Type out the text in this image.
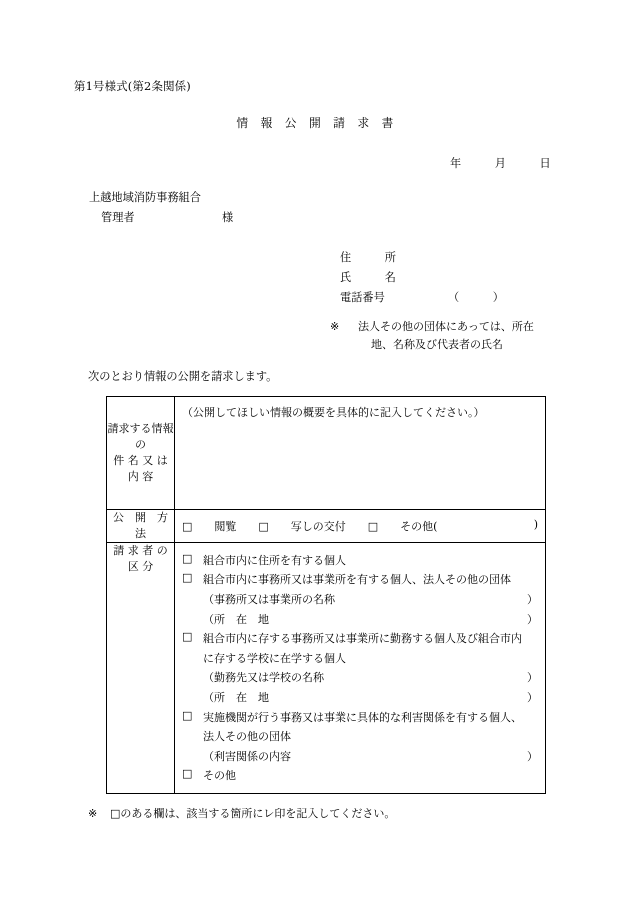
第1号様式(第2条関係)
情　報　公　開　請　求　書
年　　　月　　　日
上越地域消防事務組合
管理者	様
住　　　所
氏　　　名
電話番号	（　　　）
※ 法人その他の団体にあっては、所在
地、名称及び代表者の氏名
次のとおり情報の公開を請求します。
請求する情報の
件 名 又 は 内 容	（公開してほしい情報の概要を具体的に記入してください。）

公　開　方　法	□　　閲覧　　□　　写しの交付　　□　　その他( )

請 求 者 の 区 分

□ 組合市内に住所を有する個人
□ 組合市内に事務所又は事業所を有する個人、法人その他の団体
（事務所又は事業所の名称	）
（所　在　地	）
□ 組合市内に存する事務所又は事業所に勤務する個人及び組合市内
に存する学校に在学する個人
（勤務先又は学校の名称	）
（所　在　地	）
□ 実施機関が行う事務又は事業に具体的な利害関係を有する個人、
法人その他の団体
（利害関係の内容	）
□ その他
※ □のある欄は、該当する箇所にレ印を記入してください。
